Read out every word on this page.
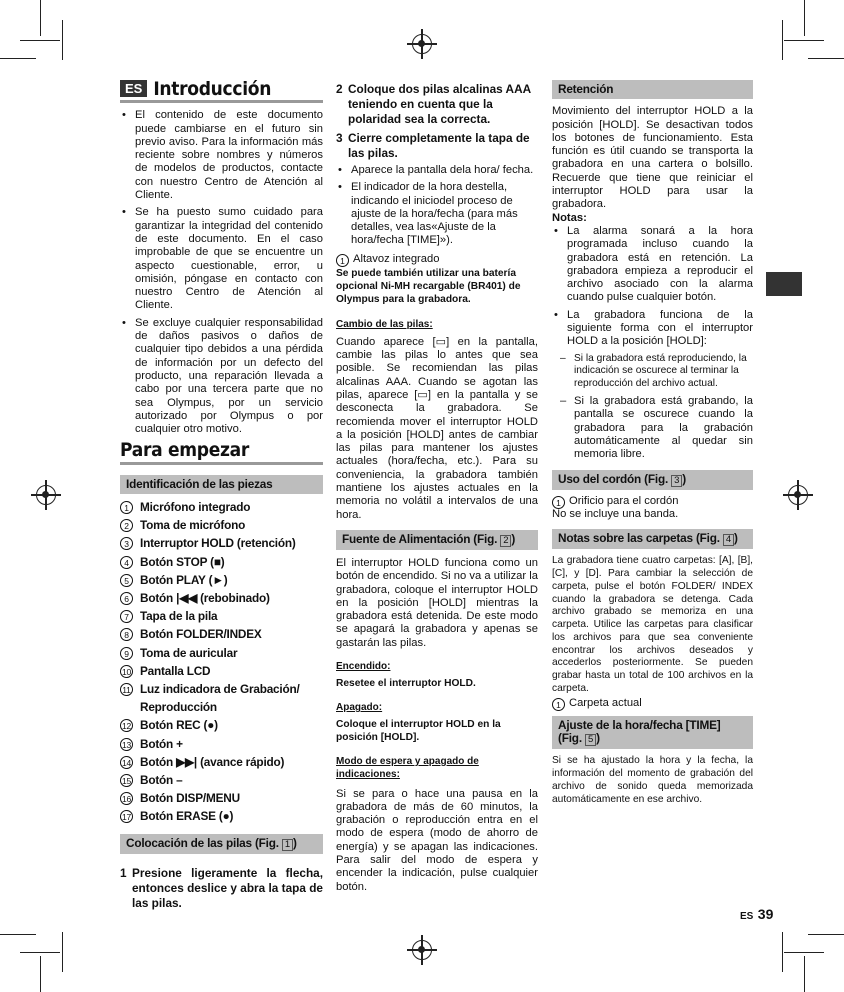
ES Introducción
• El contenido de este documento puede cambiarse en el futuro sin previo aviso. Para la información más reciente sobre nombres y números de modelos de productos, contacte con nuestro Centro de Atención al Cliente.
• Se ha puesto sumo cuidado para garantizar la integridad del contenido de este documento. En el caso improbable de que se encuentre un aspecto cuestionable, error, u omisión, póngase en contacto con nuestro Centro de Atención al Cliente.
• Se excluye cualquier responsabilidad de daños pasivos o daños de cualquier tipo debidos a una pérdida de información por un defecto del producto, una reparación llevada a cabo por una tercera parte que no sea Olympus, por un servicio autorizado por Olympus o por cualquier otro motivo.
Para empezar
Identificación de las piezas
1 Micrófono integrado
2 Toma de micrófono
3 Interruptor HOLD (retención)
4 Botón STOP (■)
5 Botón PLAY (►)
6 Botón |◀◀ (rebobinado)
7 Tapa de la pila
8 Botón FOLDER/INDEX
9 Toma de auricular
10 Pantalla LCD
11 Luz indicadora de Grabación/ Reproducción
12 Botón REC (●)
13 Botón +
14 Botón ▶▶| (avance rápido)
15 Botón –
16 Botón DISP/MENU
17 Botón ERASE (●)
Colocación de las pilas (Fig. 1 )
1 Presione ligeramente la flecha, entonces deslice y abra la tapa de las pilas.
2 Coloque dos pilas alcalinas AAA teniendo en cuenta que la polaridad sea la correcta.
3 Cierre completamente la tapa de las pilas.
• Aparece la pantalla dela hora/ fecha.
• El indicador de la hora destella, indicando el iniciodel proceso de ajuste de la hora/fecha (para más detalles, vea las«Ajuste de la hora/fecha [TIME]»).

1 Altavoz integrado

Se puede también utilizar una batería opcional Ni-MH recargable (BR401) de Olympus para la grabadora.

Cambio de las pilas:

Cuando aparece [▭] en la pantalla, cambie las pilas lo antes que sea posible. Se recomiendan las pilas alcalinas AAA. Cuando se agotan las pilas, aparece [▭] en la pantalla y se desconecta la grabadora. Se recomienda mover el interruptor HOLD a la posición [HOLD] antes de cambiar las pilas para mantener los ajustes actuales (hora/fecha, etc.). Para su conveniencia, la grabadora también mantiene los ajustes actuales en la memoria no volátil a intervalos de una hora.

Fuente de Alimentación (Fig. 2 )

El interruptor HOLD funciona como un botón de encendido. Si no va a utilizar la grabadora, coloque el interruptor HOLD en la posición [HOLD] mientras la grabadora está detenida. De este modo se apagará la grabadora y apenas se gastarán las pilas.

Encendido:

Resetee el interruptor HOLD.

Apagado:

Coloque el interruptor HOLD en la posición [HOLD].

Modo de espera y apagado de indicaciones:

Si se para o hace una pausa en la grabadora de más de 60 minutos, la grabación o reproducción entra en el modo de espera (modo de ahorro de energía) y se apagan las indicaciones. Para salir del modo de espera y encender la indicación, pulse cualquier botón.

Retención

Movimiento del interruptor HOLD a la posición [HOLD]. Se desactivan todos los botones de funcionamiento. Esta función es útil cuando se transporta la grabadora en una cartera o bolsillo. Recuerde que tiene que reiniciar el interruptor HOLD para usar la grabadora.

Notas:

• La alarma sonará a la hora programada incluso cuando la grabadora está en retención. La grabadora empieza a reproducir el archivo asociado con la alarma cuando pulse cualquier botón.
• La grabadora funciona de la siguiente forma con el interruptor HOLD a la posición [HOLD]:
– Si la grabadora está reproduciendo, la indicación se oscurece al terminar la reproducción del archivo actual.
– Si la grabadora está grabando, la pantalla se oscurece cuando la grabadora para la grabación automáticamente al quedar sin memoria libre.
Uso del cordón (Fig. 3 )

1 Orificio para el cordón

No se incluye una banda.

Notas sobre las carpetas (Fig. 4 )

La grabadora tiene cuatro carpetas: [A], [B], [C], y [D]. Para cambiar la selección de carpeta, pulse el botón FOLDER/ INDEX cuando la grabadora se detenga. Cada archivo grabado se memoriza en una carpeta. Utilice las carpetas para clasificar los archivos para que sea conveniente encontrar los archivos deseados y accederlos posteriormente. Se pueden grabar hasta un total de 100 archivos en la carpeta.

1 Carpeta actual

Ajuste de la hora/fecha [TIME] (Fig. 5 )

Si se ha ajustado la hora y la fecha, la información del momento de grabación del archivo de sonido queda memorizada automáticamente en ese archivo.

ES 39
